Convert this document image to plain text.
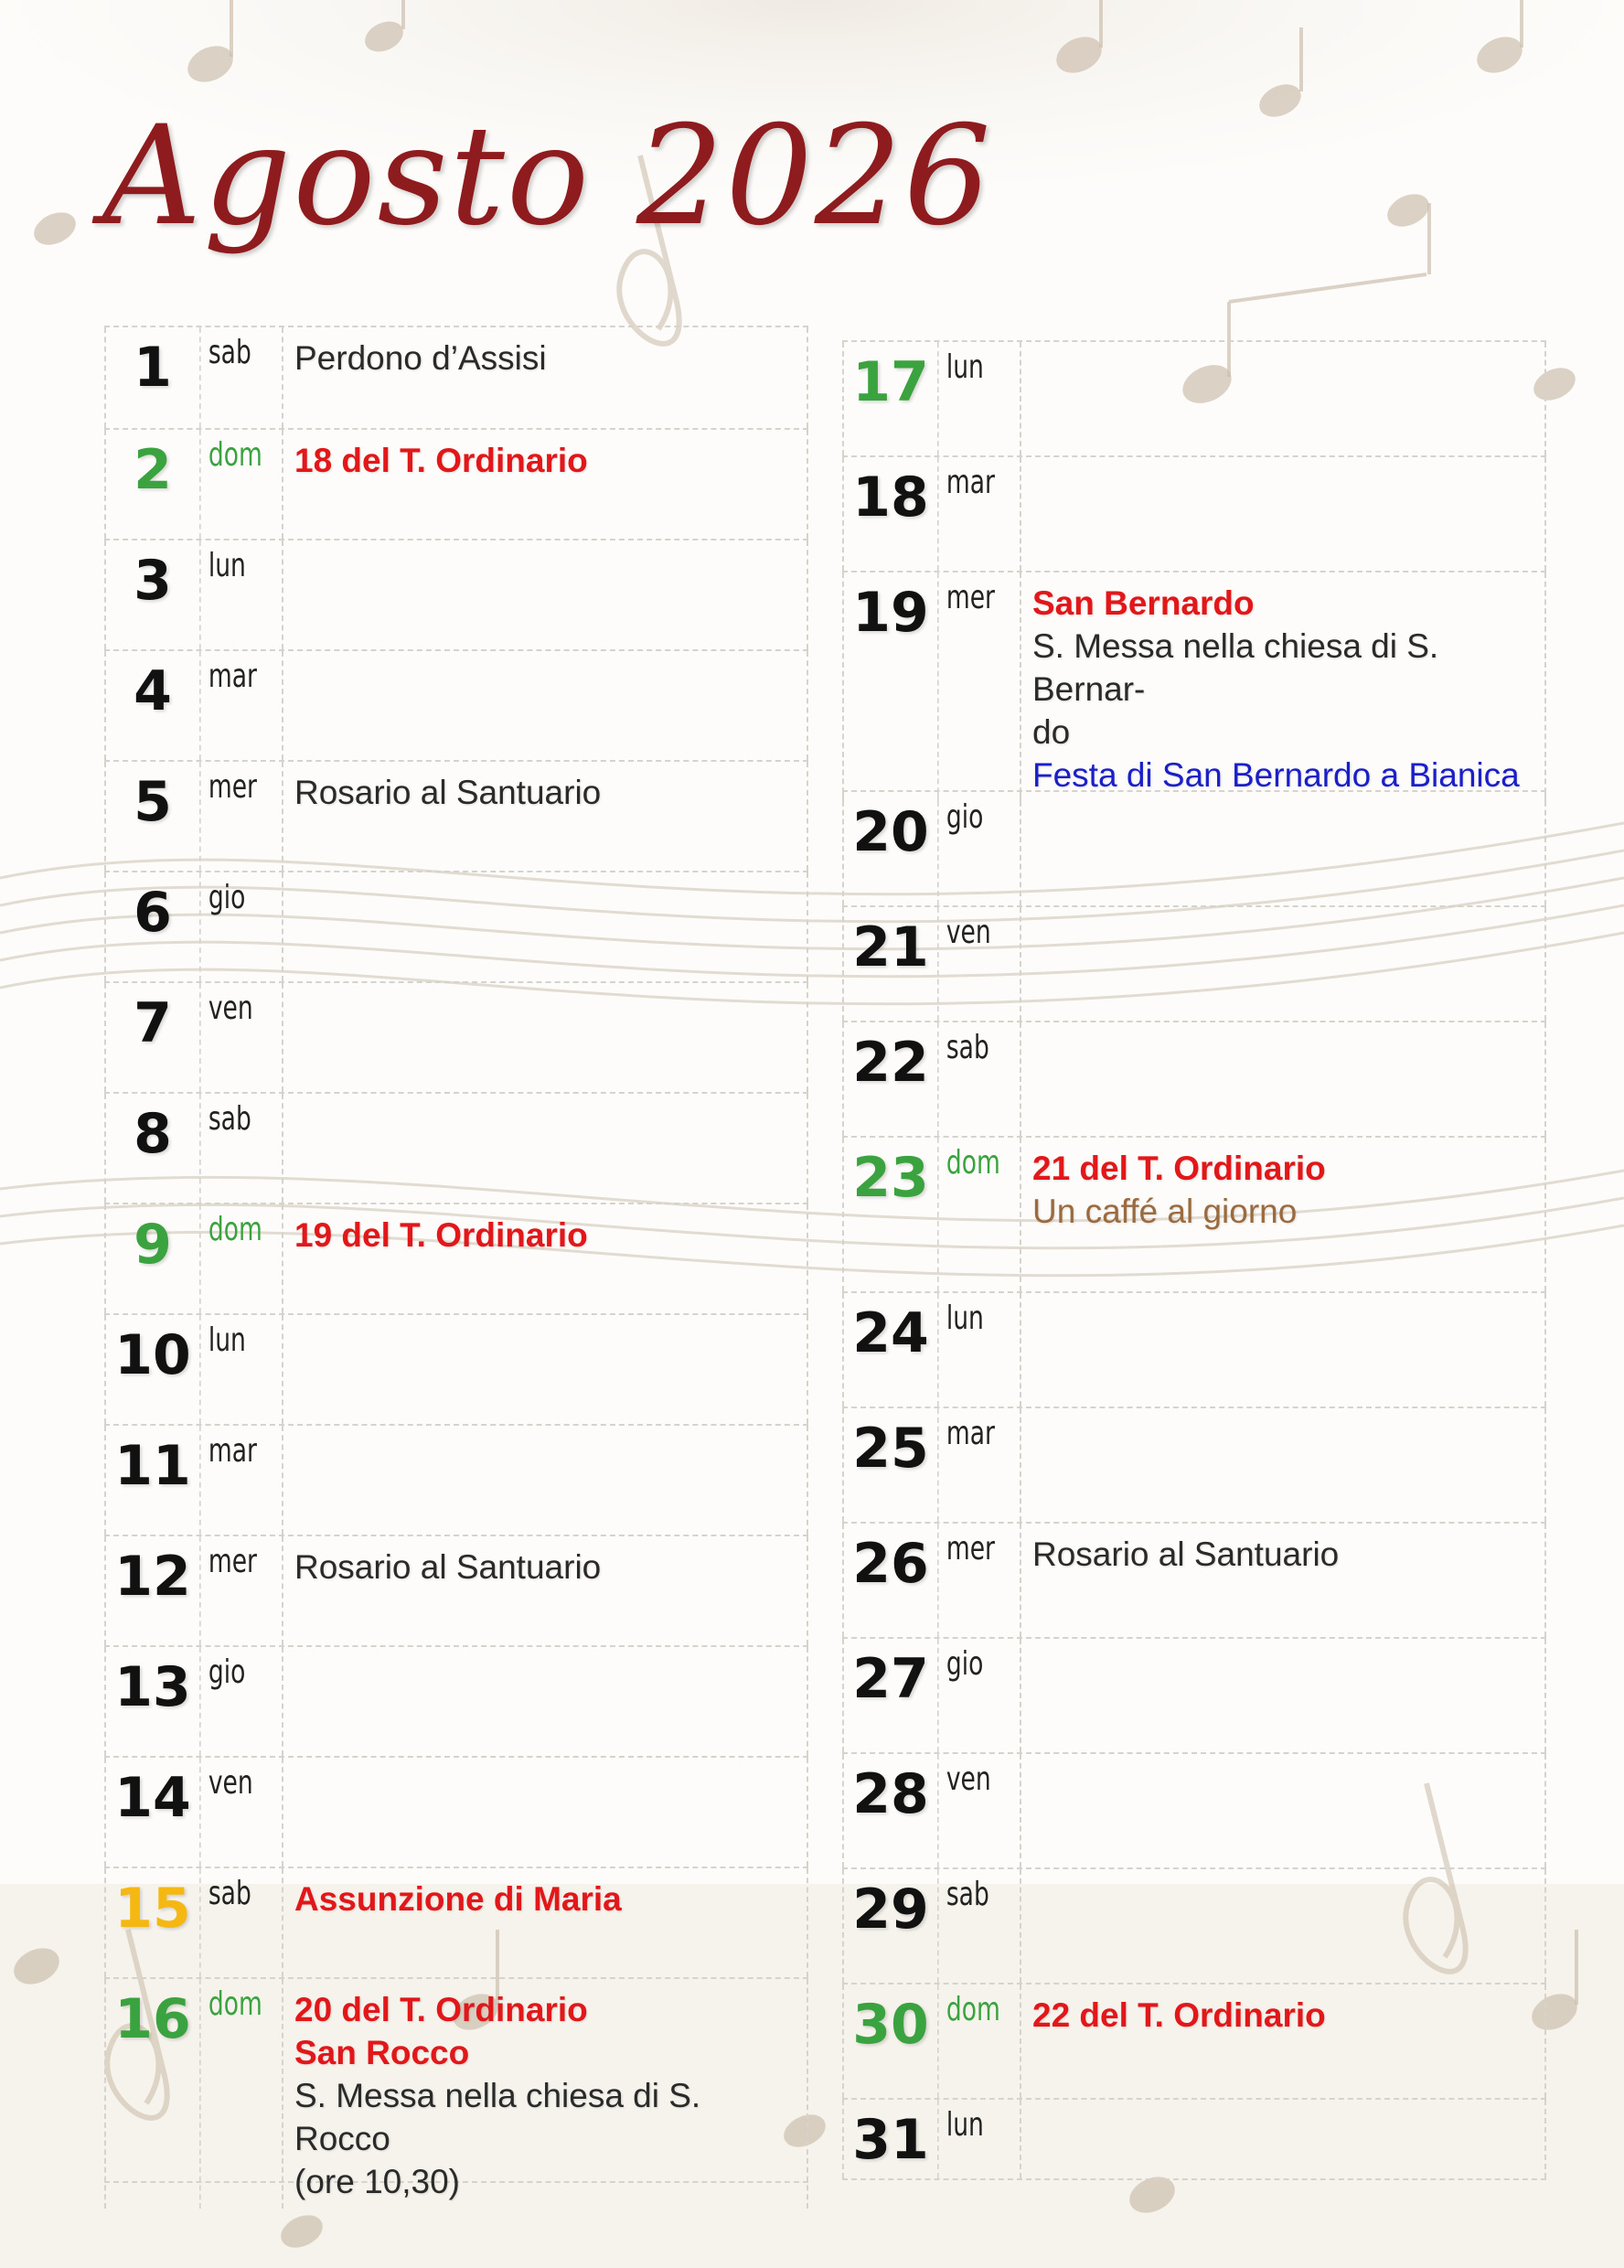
Agosto 2026
1	sab	Perdono d’Assisi
2	dom 18 del T. Ordinario
3	lun
4	mar
5	mer Rosario al Santuario
6	gio
7	ven
8	sab
9	dom 19 del T. Ordinario
10 lun
11 mar
12 mer Rosario al Santuario
13 gio
14 ven
15 sab	Assunzione di Maria
16 dom 20 del T. Ordinario
San Rocco
S. Messa nella chiesa di S. Rocco
(ore 10,30)
17 lun
18 mar
19 mer San Bernardo
S. Messa nella chiesa di S. Bernar-
do
Festa di San Bernardo a Bianica
20 gio
21 ven
22 sab
23 dom 21 del T. Ordinario
Un caffé al giorno
24 lun
25 mar
26 mer Rosario al Santuario
27 gio
28 ven
29 sab
30 dom 22 del T. Ordinario
31 lun
